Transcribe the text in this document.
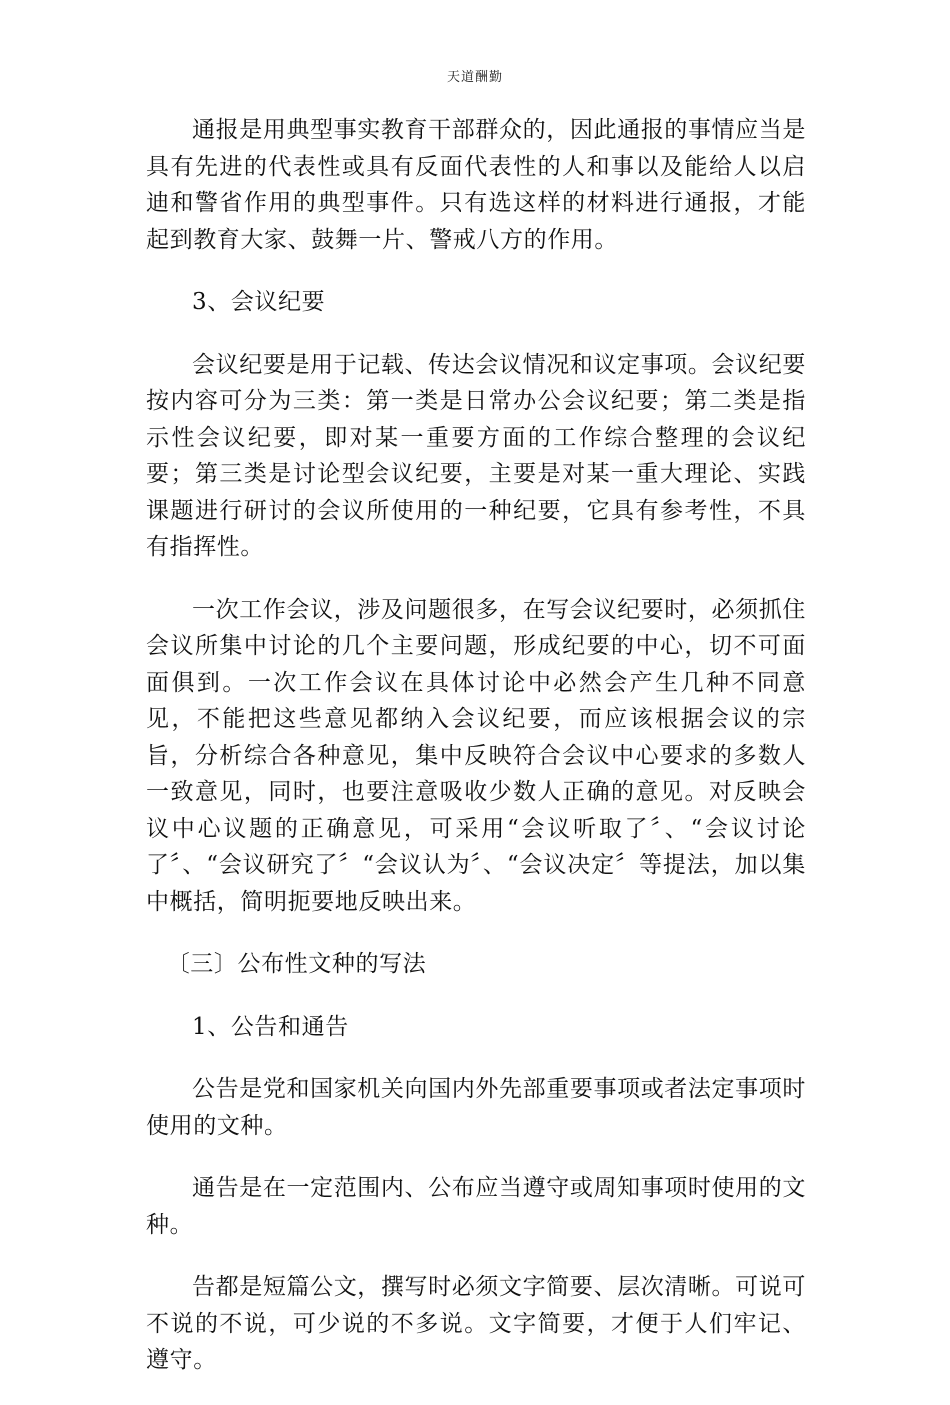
天道酬勤

通报是用典型事实教育干部群众的，因此通报的事情应当是具有先进的代表性或具有反面代表性的人和事以及能给人以启迪和警省作用的典型事件。只有选这样的材料进行通报，才能起到教育大家、鼓舞一片、警戒八方的作用。

3、会议纪要

会议纪要是用于记载、传达会议情况和议定事项。会议纪要按内容可分为三类：第一类是日常办公会议纪要；第二类是指示性会议纪要，即对某一重要方面的工作综合整理的会议纪要；第三类是讨论型会议纪要，主要是对某一重大理论、实践课题进行研讨的会议所使用的一种纪要，它具有参考性，不具有指挥性。

一次工作会议，涉及问题很多，在写会议纪要时，必须抓住会议所集中讨论的几个主要问题，形成纪要的中心，切不可面面俱到。一次工作会议在具体讨论中必然会产生几种不同意见，不能把这些意见都纳入会议纪要，而应该根据会议的宗旨，分析综合各种意见，集中反映符合会议中心要求的多数人一致意见，同时，也要注意吸收少数人正确的意见。对反映会议中心议题的正确意见，可采用“会议听取了〞、“会议讨论了〞、“会议研究了〞“会议认为〞、“会议决定〞等提法，加以集中概括，简明扼要地反映出来。

〔三〕公布性文种的写法

1、公告和通告

公告是党和国家机关向国内外先部重要事项或者法定事项时使用的文种。

通告是在一定范围内、公布应当遵守或周知事项时使用的文种。

告都是短篇公文，撰写时必须文字简要、层次清晰。可说可不说的不说，可少说的不多说。文字简要，才便于人们牢记、遵守。
